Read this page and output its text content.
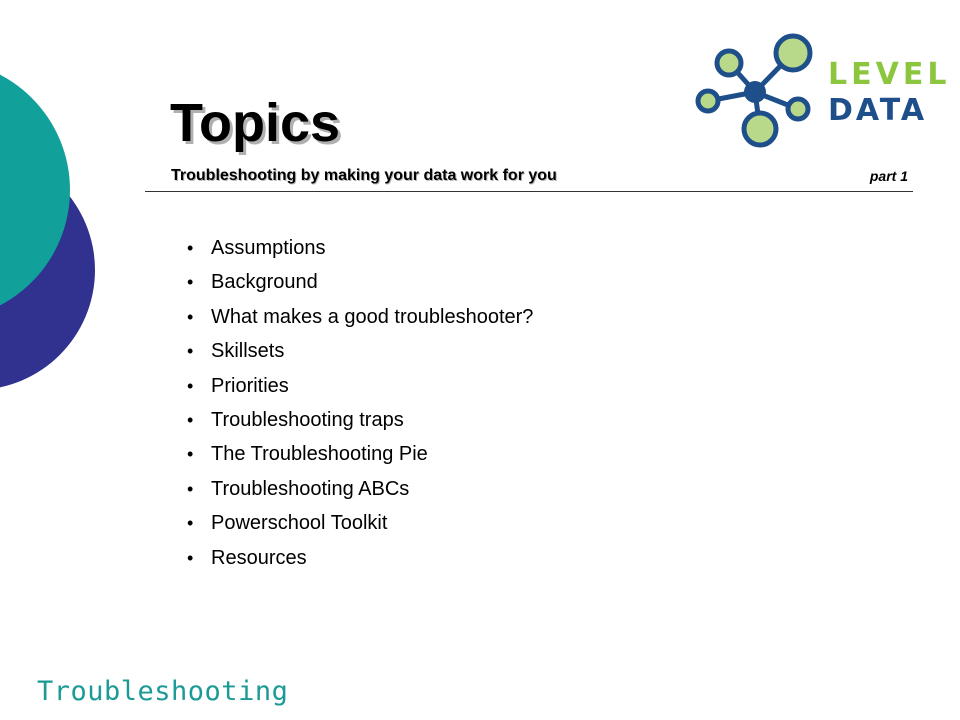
LEVEL
DATA
Topics
Troubleshooting by making your data work for you	part 1
• Assumptions
• Background
• What makes a good troubleshooter?
• Skillsets
• Priorities
• Troubleshooting traps
• The Troubleshooting Pie
• Troubleshooting ABCs
• Powerschool Toolkit
• Resources
Troubleshooting
